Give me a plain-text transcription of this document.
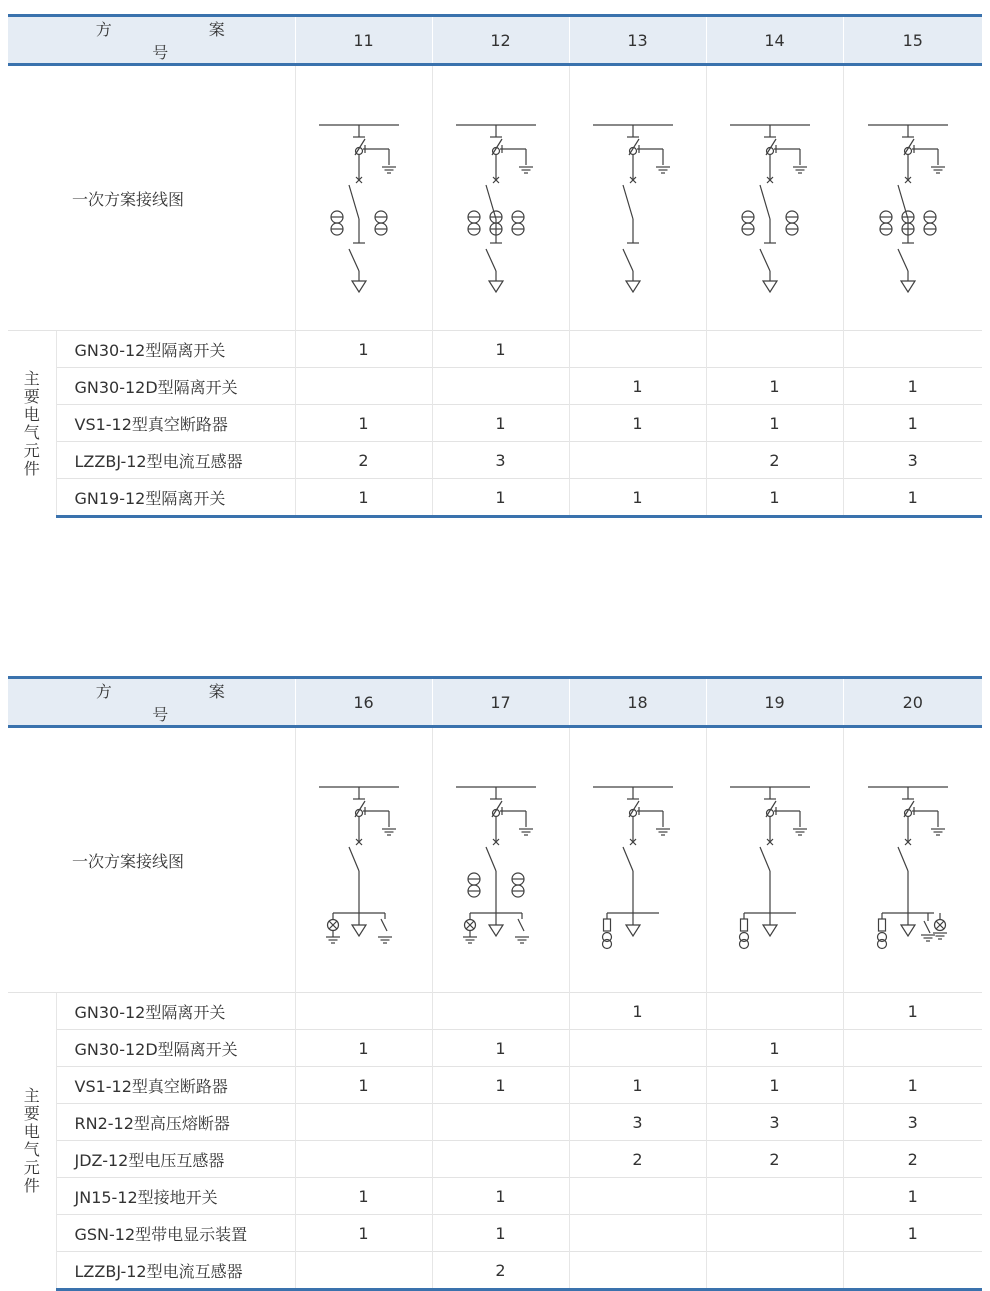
方 案 号		11	12	13	14	15
一次方案接线图	

主要电气元件	GN30-12型隔离开关	1	1			
	GN30-12D型隔离开关			1	1	1
	VS1-12型真空断路器	1	1	1	1	1
	LZZBJ-12型电流互感器	2	3		2	3
	GN19-12型隔离开关	1	1	1	1	1
方 案 号		16	17	18	19	20
一次方案接线图	

主要电气元件	GN30-12型隔离开关			1		1
	GN30-12D型隔离开关	1	1		1	
	VS1-12型真空断路器	1	1	1	1	1
	RN2-12型高压熔断器			3	3	3
	JDZ-12型电压互感器			2	2	2
	JN15-12型接地开关	1	1			1
	GSN-12型带电显示装置	1	1			1
	LZZBJ-12型电流互感器		2			
